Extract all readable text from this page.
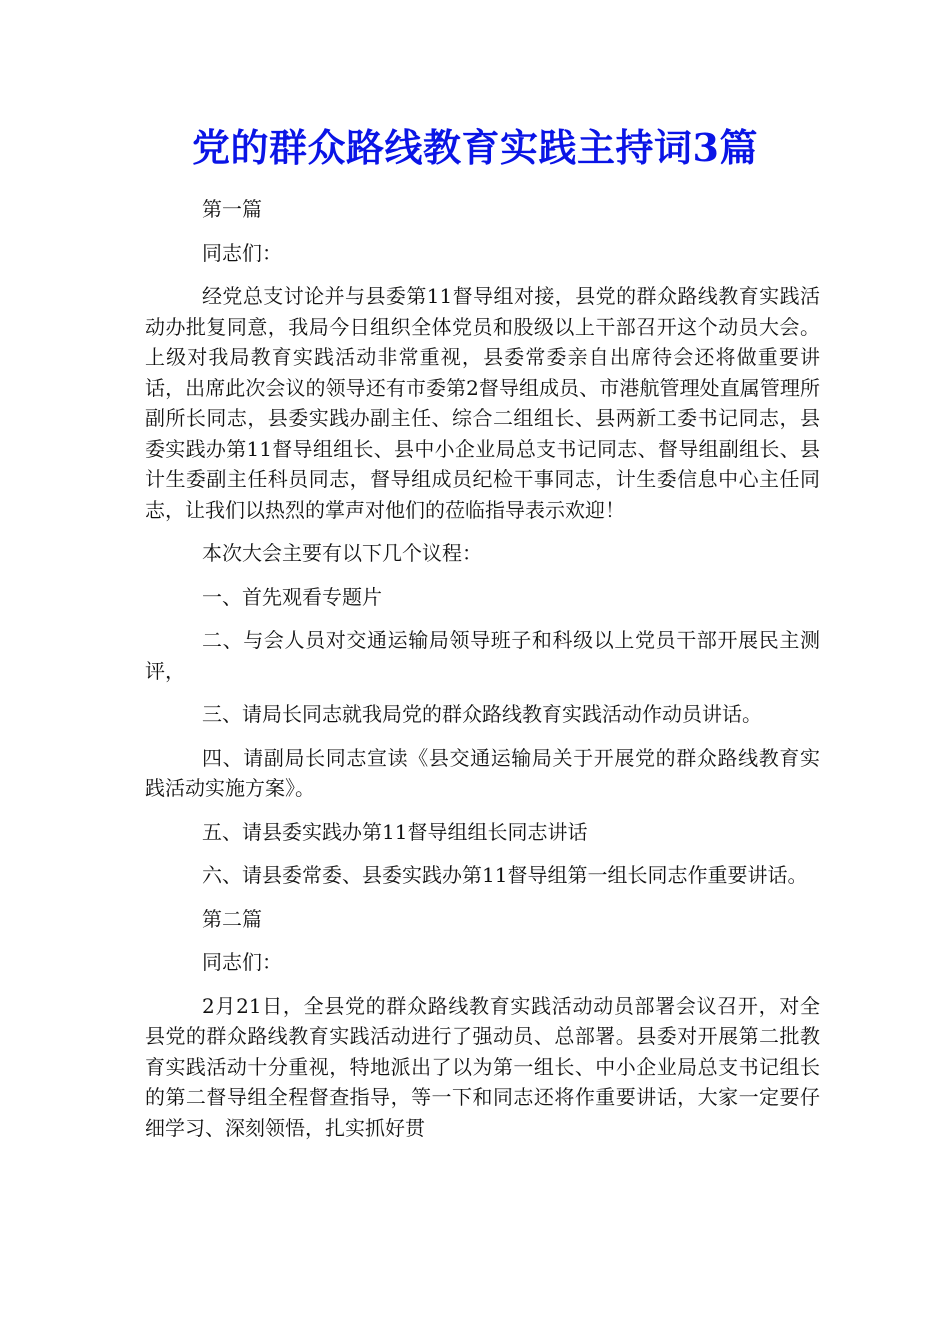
党的群众路线教育实践主持词3篇

第一篇

同志们：

经党总支讨论并与县委第11督导组对接，县党的群众路线教育实践活动办批复同意，我局今日组织全体党员和股级以上干部召开这个动员大会。上级对我局教育实践活动非常重视，县委常委亲自出席待会还将做重要讲话，出席此次会议的领导还有市委第2督导组成员、市港航管理处直属管理所副所长同志，县委实践办副主任、综合二组组长、县两新工委书记同志，县委实践办第11督导组组长、县中小企业局总支书记同志、督导组副组长、县计生委副主任科员同志，督导组成员纪检干事同志，计生委信息中心主任同志，让我们以热烈的掌声对他们的莅临指导表示欢迎！

本次大会主要有以下几个议程：

一、首先观看专题片

二、与会人员对交通运输局领导班子和科级以上党员干部开展民主测评，

三、请局长同志就我局党的群众路线教育实践活动作动员讲话。

四、请副局长同志宣读《县交通运输局关于开展党的群众路线教育实践活动实施方案》。

五、请县委实践办第11督导组组长同志讲话

六、请县委常委、县委实践办第11督导组第一组长同志作重要讲话。

第二篇

同志们：

2月21日，全县党的群众路线教育实践活动动员部署会议召开，对全县党的群众路线教育实践活动进行了强动员、总部署。县委对开展第二批教育实践活动十分重视，特地派出了以为第一组长、中小企业局总支书记组长的第二督导组全程督查指导，等一下和同志还将作重要讲话，大家一定要仔细学习、深刻领悟，扎实抓好贯
